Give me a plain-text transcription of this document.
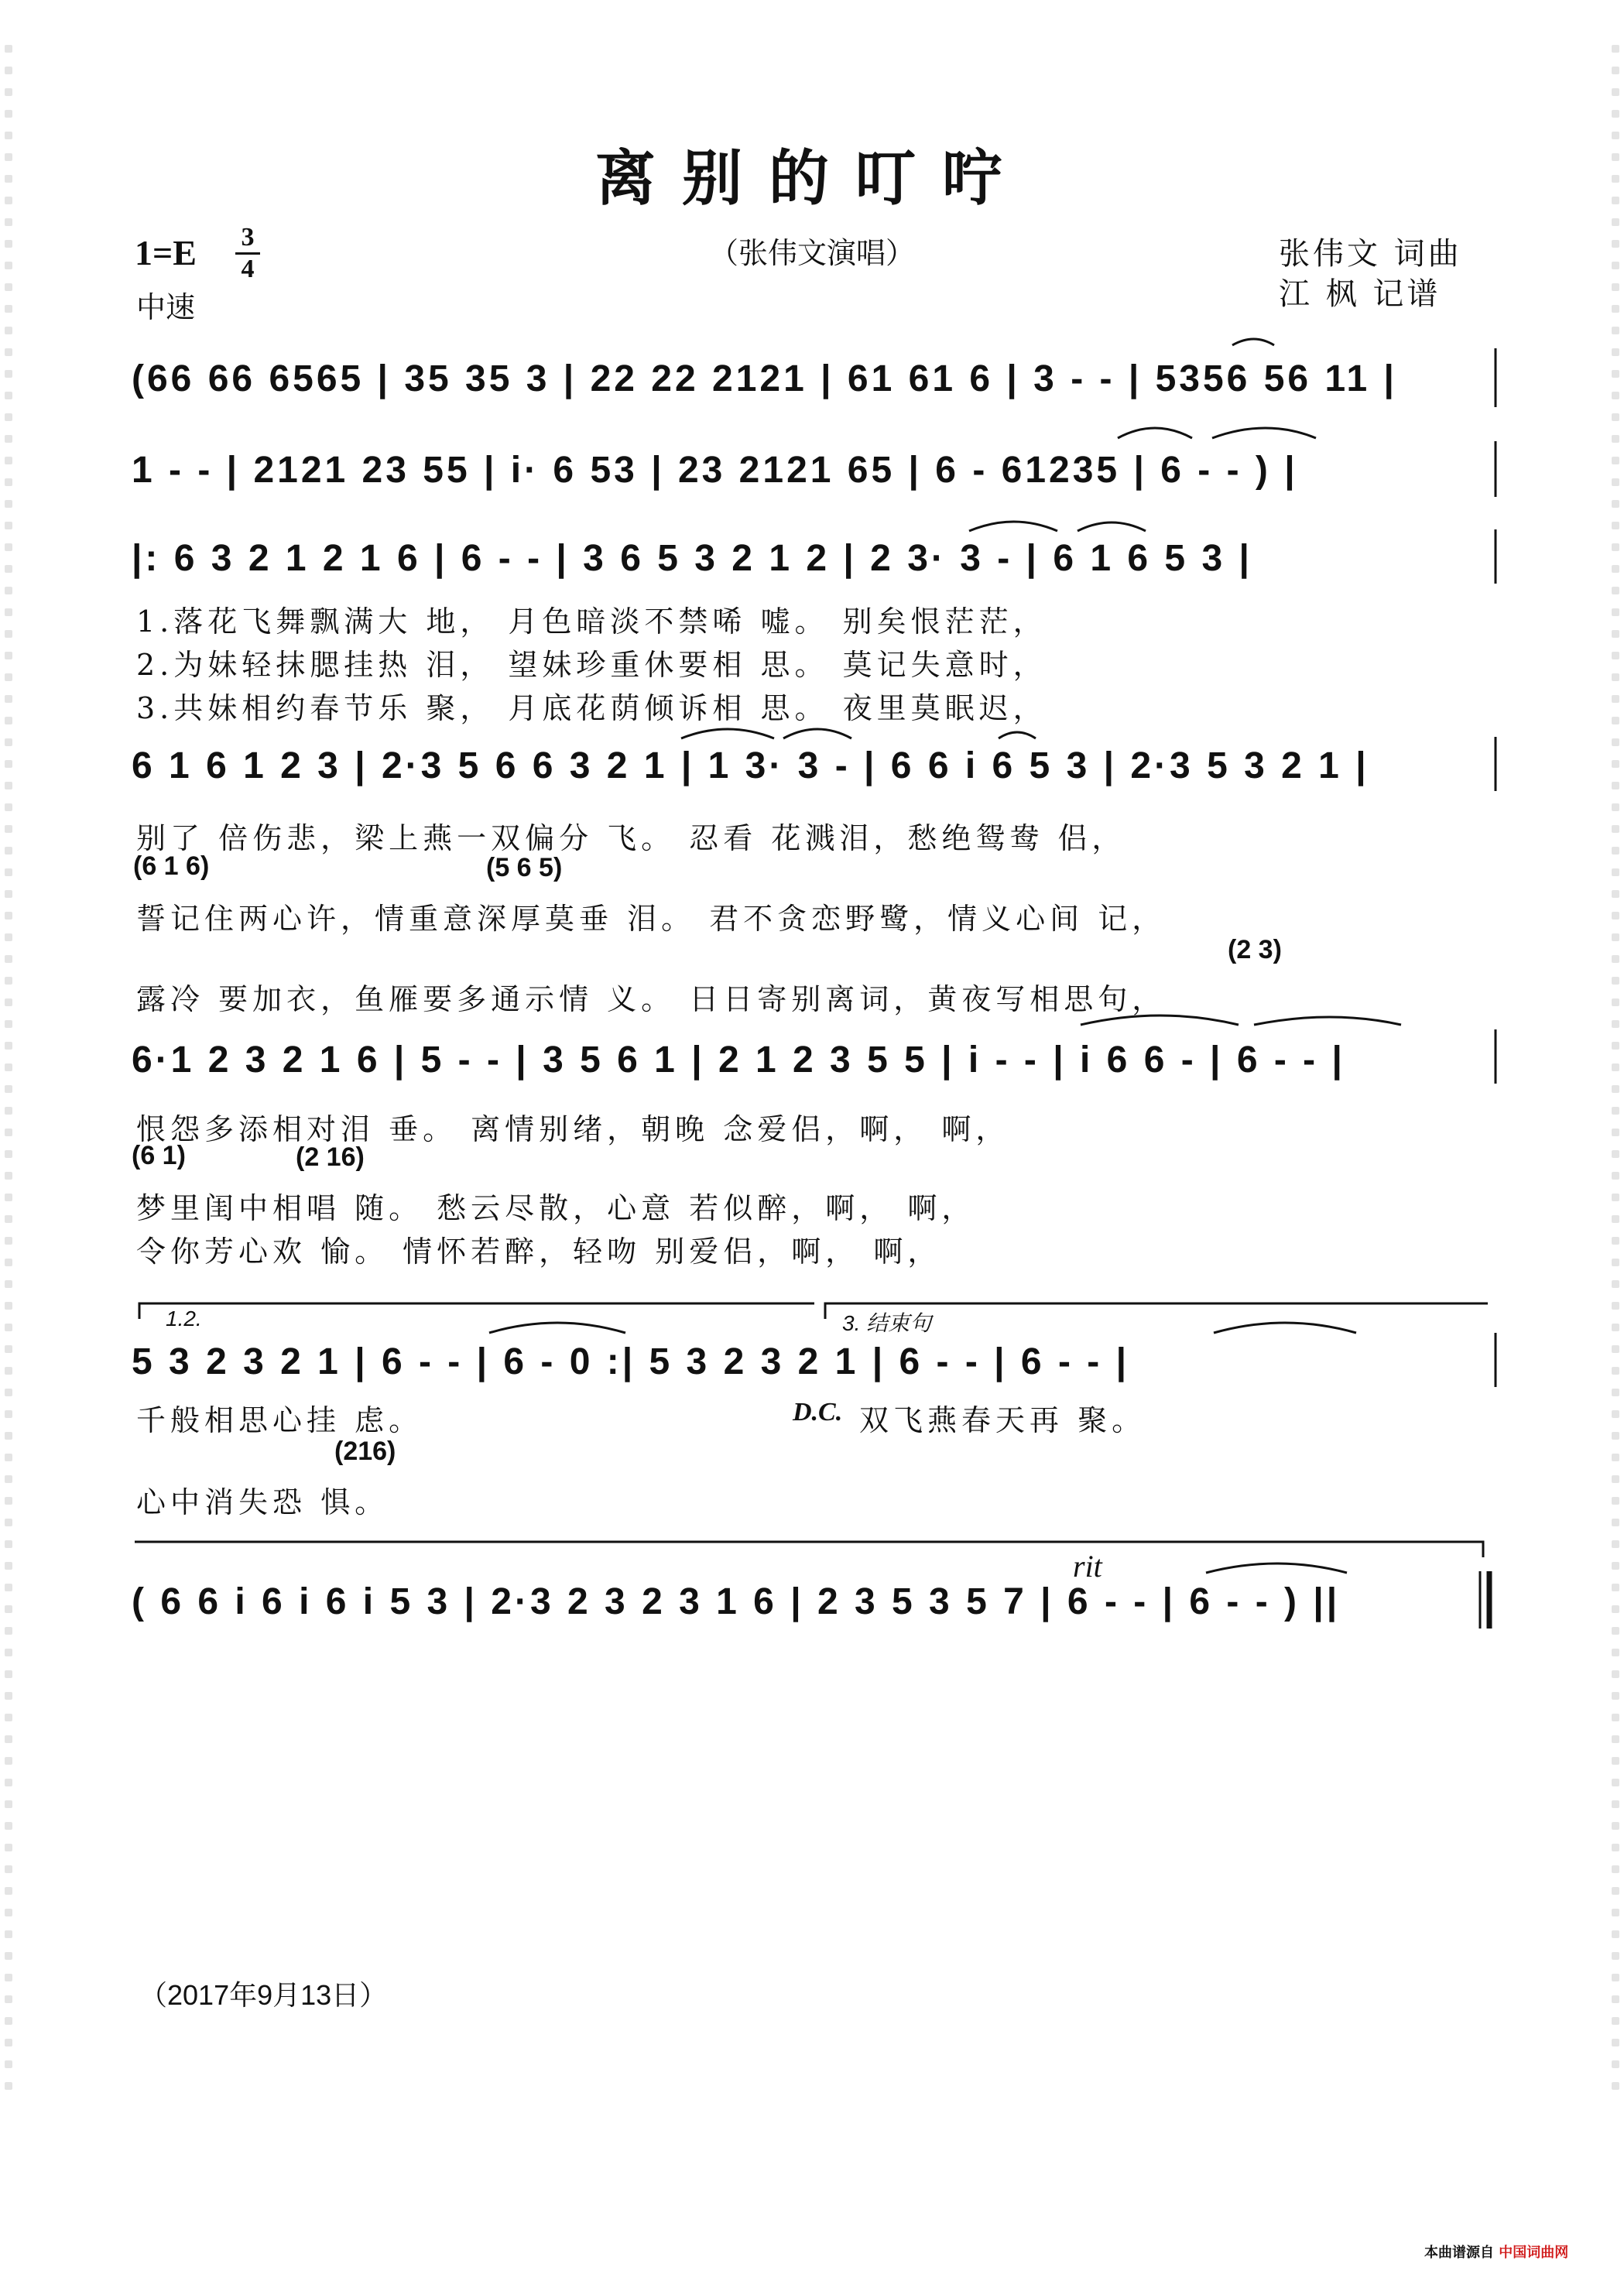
离别的叮咛
（张伟文演唱）
1=E	3
4
中速
张伟文 词曲
江 枫 记谱
(66 66 6565 | 35 35 3 | 22 22 2121 | 61 61 6 | 3 - - | 5356 56 11 |
1 - - | 2121 23 55 | i· 6 53 | 23 2121 65 | 6 - 61235 | 6 - - ) |
|: 6 3 2 1 2 1 6 | 6 - - | 3 6 5 3 2 1 2 | 2 3· 3 - | 6 1 6 5 3 |
6 1 6 1 2 3 | 2·3 5 6 6 3 2 1 | 1 3· 3 - | 6 6 i 6 5 3 | 2·3 5 3 2 1 |
6·1 2 3 2 1 6 | 5 - - | 3 5 6 1 | 2 1 2 3 5 5 | i - - | i 6 6 - | 6 - - |
5 3 2 3 2 1 | 6 - - | 6 - 0 :| 5 3 2 3 2 1 | 6 - - | 6 - - |
( 6 6 i 6 i 6 i 5 3 | 2·3 2 3 2 3 1 6 | 2 3 5 3 5 7 | 6 - - | 6 - - ) ||
1.落花飞舞飘满大 地， 月色暗淡不禁唏 嘘。 别矣恨茫茫，
2.为妹轻抹腮挂热 泪， 望妹珍重休要相 思。 莫记失意时，
3.共妹相约春节乐 聚， 月底花荫倾诉相 思。 夜里莫眠迟，
别了 倍伤悲，梁上燕一双偏分 飞。 忍看 花溅泪，愁绝鸳鸯 侣，
誓记住两心许，情重意深厚莫垂 泪。 君不贪恋野鹭，情义心间 记，
露冷 要加衣，鱼雁要多通示情 义。 日日寄别离词，黄夜写相思句，
恨怨多添相对泪 垂。 离情别绪，朝晚 念爱侣，啊， 啊，
梦里闺中相唱 随。 愁云尽散，心意 若似醉，啊， 啊，
令你芳心欢 愉。 情怀若醉，轻吻 别爱侣，啊， 啊，
千般相思心挂 虑。
心中消失恐 惧。
D.C. 双飞燕春天再 聚。
(6 1 6)	(5 6 5)
(2 3)
(6 1)	(2 16)
(216)
1.2.	3. 结束句
rit
（2017年9月13日）
本曲谱源自 中国词曲网
